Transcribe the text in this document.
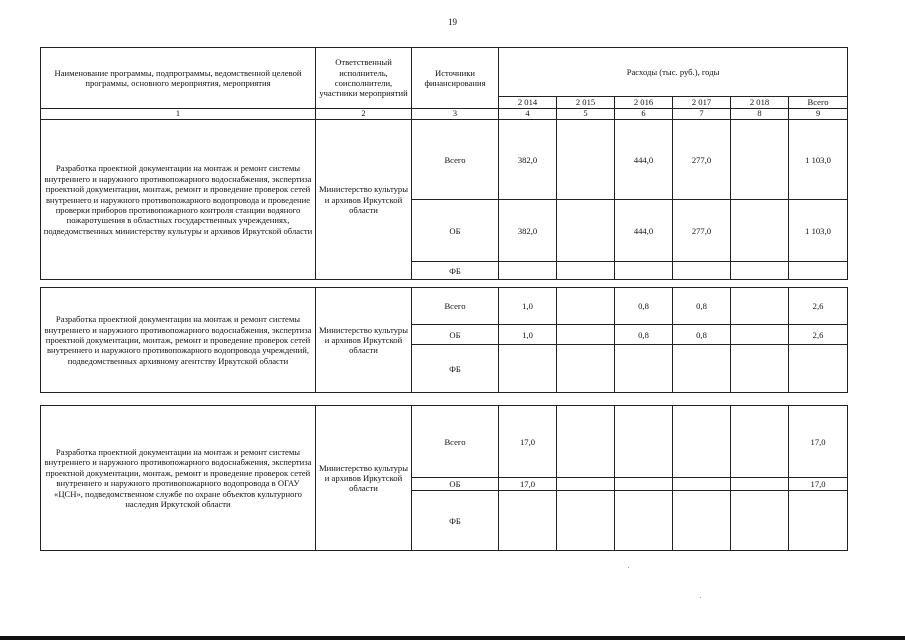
19
Наименование программы, подпрограммы, ведомственной целевой программы, основного мероприятия, мероприятия	Ответственный исполнитель, соисполнители, участники мероприятий	Источники финансирования	Расходы (тыс. руб.), годы					
			2 014	2 015	2 016	2 017	2 018	Всего
1	2	3	4	5	6	7	8	9
Разработка проектной документации на монтаж и ремонт системы внутреннего и наружного противопожарного водоснабжения, экспертиза проектной документации, монтаж, ремонт и проведение проверок сетей внутреннего и наружного противопожарного водопровода и проведение проверки приборов противопожарного контроля станции водяного пожаротушения в областных государственных учреждениях, подведомственных министерству культуры и архивов Иркутской области	Министерство культуры и архивов Иркутской области	Всего	382,0		444,0	277,0		1 103,0
		ОБ	382,0		444,0	277,0		1 103,0
		ФБ						

Разработка проектной документации на монтаж и ремонт системы внутреннего и наружного противопожарного водоснабжения, экспертиза проектной документации, монтаж, ремонт и проведение проверок сетей внутреннего и наружного противопожарного водопровода учреждений, подведомственных архивному агентству Иркутской области	Министерство культуры и архивов Иркутской области	Всего	1,0		0,8	0,8		2,6
		ОБ	1,0		0,8	0,8		2,6
		ФБ						

Разработка проектной документации на монтаж и ремонт системы внутреннего и наружного противопожарного водоснабжения, экспертиза проектной документации, монтаж, ремонт и проведение проверок сетей внутреннего и наружного противопожарного водопровода в ОГАУ «ЦСН», подведомственном службе по охране объектов культурного наследия Иркутской области	Министерство культуры и архивов Иркутской области	Всего	17,0					17,0
		ОБ	17,0					17,0
		ФБ						
